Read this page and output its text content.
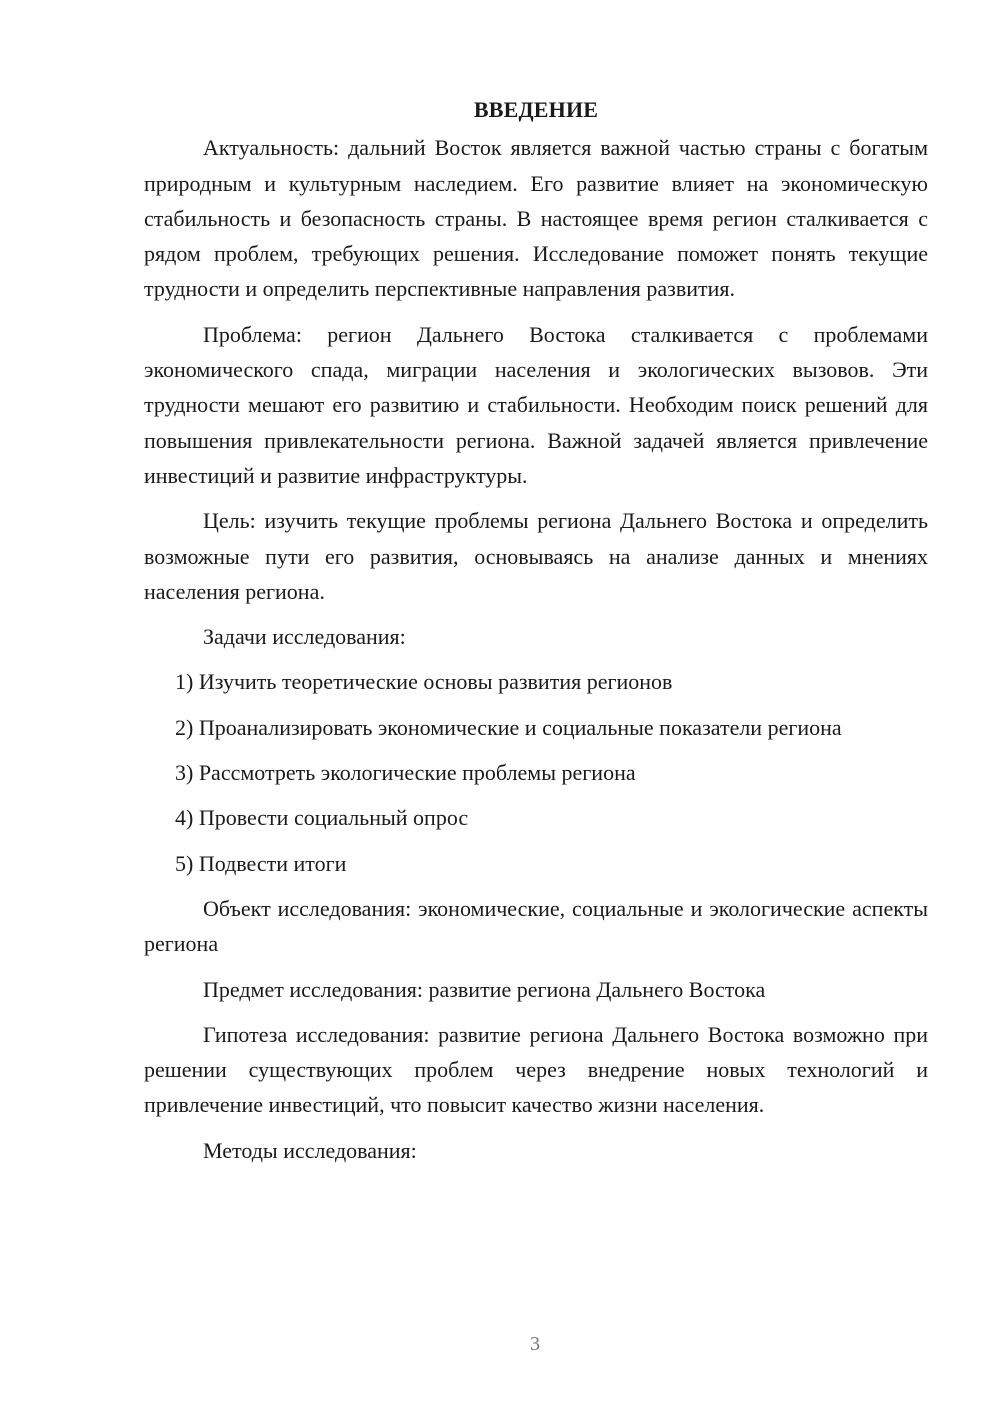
ВВЕДЕНИЕ

Актуальность: дальний Восток является важной частью страны с богатым природным и культурным наследием. Его развитие влияет на экономическую стабильность и безопасность страны. В настоящее время регион сталкивается с рядом проблем, требующих решения. Исследование поможет понять текущие трудности и определить перспективные направления развития.

Проблема: регион Дальнего Востока сталкивается с проблемами экономического спада, миграции населения и экологических вызовов. Эти трудности мешают его развитию и стабильности. Необходим поиск решений для повышения привлекательности региона. Важной задачей является привлечение инвестиций и развитие инфраструктуры.

Цель: изучить текущие проблемы региона Дальнего Востока и определить возможные пути его развития, основываясь на анализе данных и мнениях населения региона.

Задачи исследования:

1) Изучить теоретические основы развития регионов

2) Проанализировать экономические и социальные показатели региона

3) Рассмотреть экологические проблемы региона

4) Провести социальный опрос

5) Подвести итоги

Объект исследования: экономические, социальные и экологические аспекты региона

Предмет исследования: развитие региона Дальнего Востока

Гипотеза исследования: развитие региона Дальнего Востока возможно при решении существующих проблем через внедрение новых технологий и привлечение инвестиций, что повысит качество жизни населения.

Методы исследования:

3
